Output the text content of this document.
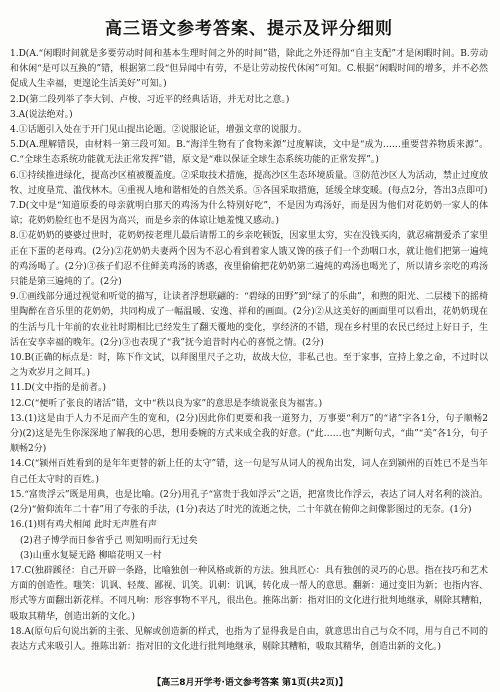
高三语文参考答案、提示及评分细则

1.D(A.“闲暇时间就是多要劳动时间和基本生理时间之外的时间”错，除此之外还得加“自主支配”才是闲暇时间。B.劳动和休闲“是可以互换的”错，根据第二段“但异闻中有劳，不是让劳动按代休闲”可知。C.根据“闲暇时间的增多，并不必然促成人生幸福，更遑论生活美好”可知。)

2.D(第二段列举了李大钊、卢梭、习近平的经典话语，并无对比之意。)

3.A(说法绝对。)

4.①话题引入处在于开门见山提出论题。②说服论证，增强文章的说服力。

5.D(A.理解错误，由材料一第三段可知。B.“海洋生物有了食物来源”过度解读，文中是“成为……重要营养物质来源”。C.“全球生态系统功能就无法正常发挥”错，原文是“难以保证全球生态系统功能的正常发挥”。)

6.①持续推进绿化，提高沙区植被覆盖度。②采取技术措施，提高沙区生态环境质量。③防范沙区人为活动，禁止过度放牧、过度垦荒、滥伐林木。④重视人地和谐相处的自然关系。⑤各国采取措施，延缓全球变暖。(每点2分，答出3点即可)

7.D(文中是“知道原委的母亲就明白那天的鸡汤为什么特别好吃”，不是因为鸡汤好，而是因为他们对花奶奶一家人的体谅；花奶奶脸红也不是因为高兴，而是乡亲的体谅让她羞愧又感动。)

8.①花奶奶的婆婆过世时，花奶奶按老理儿最后请帮工的乡亲吃顿饭，因家里太穷，实在没钱买肉，就忍痛割爱杀了家里正在下蛋的老母鸡。(2分)②花奶奶夫妻两个因为不忍心看到着家人饿又馋的孩子们一个劲咽口水，就让他们把第一遍炖的鸡汤喝了。(2分)③孩子们忍不住鲜美鸡汤的诱惑，夜里偷偷把花奶奶第二遍炖的鸡汤也喝光了，所以请乡亲吃的鸡汤只能是第三遍炖的了。(2分)

9.①画线部分通过视觉和听觉的描写，让读者浮想联翩的：“碧绿的田野”到“绿了的乐曲”，和煦的阳光、二层楼下的摇椅里陶醉在音乐里的花奶奶，共同构成了一幅温暖、安逸、祥和的画面。(2分)②从这美好的画面里可以看出，花奶奶现在的生活与几十年前的农业社时期相比已经发生了翻天覆地的变化，享经济的不错，现在乡村里的农民已经过上好日子，生活在安享幸福的晚年。(2分)③也表现了“我”抚今追昔时内心的喜悦之情。(2分)

10.B(正确的标点是：时，陈下作文试，以拜图里尺子之功，故战大位，非私己也。至于家事，宣持上象之命，不过时以之为欢岁月之间耳。)

11.D(文中指的是前者。)

12.C(“便听了张良的诸活”错，文中“秩以良为家”的意思是李绩说张良为福害。)

13.(1)这是由于人力不足而产生的宽和，(2分)因此你们更要和我一道努力，万事要“利万”的“诸”字各1分，句子顺畅2分)(2)这是先生你深深地了解我的心思，想用委婉的方式来成全我的好意。(“此……也”判断句式，“曲”“美”各1分，句子顺畅2分)

14.C(“颍州百姓看到的是年年更替的新上任的太守”错，这一句是写从词人的视角出发，词人在到颍州的百姓已不是当年自己任太守时的百姓。)

15.“富贵浮云”既是用典，也是比喻。(2分)用孔子“富贵于我如浮云”之语，把富贵比作浮云，表达了词人对名利的淡泊。(2分)“俯仰流年二十春”用了夸张的手法，(1分)表达了时光的流逝之快，二十年就在俯仰之间像影图过的无奈。(1分)

16.(1)则有鸡犬相闻 此时无声胜有声

(2)君子博学而日参省乎己 则知明而行无过矣

(3)山重水复疑无路 柳暗花明又一村

17.C(独辟蹊径：自己开辟一条路，比喻独创一种风格或新的方法。独具匠心：具有独创的灵巧的心思。指在技巧和艺术方面的创造性。嗤笑：讥讽、轻蔑、鄙视、讥笑。讥刺：讥讽，转化成一帮人的意思。翻新：通过变旧为新；也指内容、形式等方面翻出新花样。不同凡响：形容事物不平凡，很出色。推陈出新：指对旧的文化进行批判地继承，剔除其糟粕，吸取其精华，创造出新的文化。)

18.A(原句后句说出新的主张、见解或创造新的样式，也指为了显得我是自由，就意思出自己与众不同，用与自己不同的表达方式来吸引人。推陈出新：指对旧的文化进行批判地继承，剔除其糟粕，吸取其精华，创造出新的文化。)

【高三8月开学考·语文参考答案 第1页(共2页)】
